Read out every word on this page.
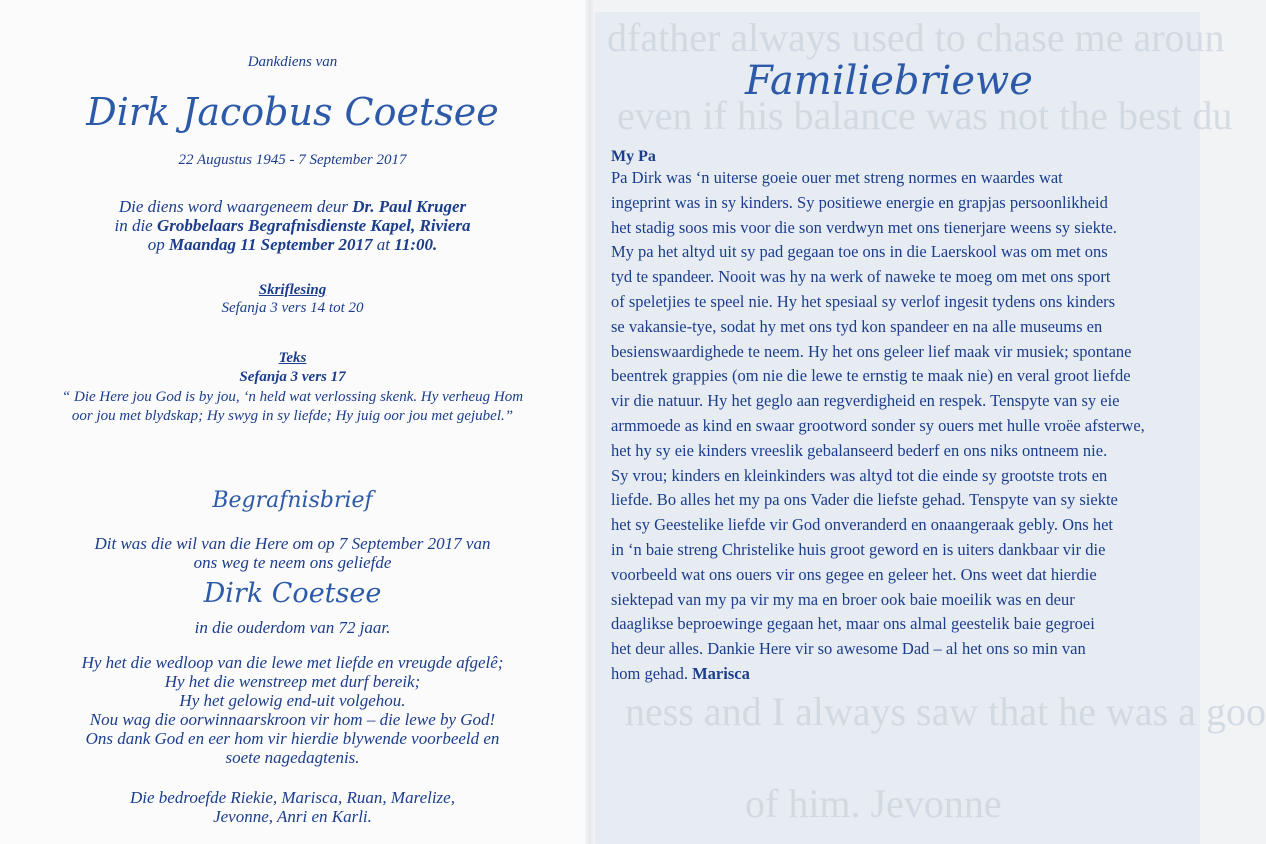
Dankdiens van
Dirk Jacobus Coetsee
22 Augustus 1945 - 7 September 2017
Die diens word waargeneem deur Dr. Paul Kruger
in die Grobbelaars Begrafnisdienste Kapel, Riviera
op Maandag 11 September 2017 at 11:00.
Skriflesing
Sefanja 3 vers 14 tot 20
Teks
Sefanja 3 vers 17
“ Die Here jou God is by jou, ‘n held wat verlossing skenk. Hy verheug Hom
oor jou met blydskap; Hy swyg in sy liefde; Hy juig oor jou met gejubel.”
Begrafnisbrief
Dit was die wil van die Here om op 7 September 2017 van
ons weg te neem ons geliefde
Dirk Coetsee
in die ouderdom van 72 jaar.
Hy het die wedloop van die lewe met liefde en vreugde afgelê;
Hy het die wenstreep met durf bereik;
Hy het gelowig end-uit volgehou.
Nou wag die oorwinnaarskroon vir hom – die lewe by God!
Ons dank God en eer hom vir hierdie blywende voorbeeld en
soete nagedagtenis.
Die bedroefde Riekie, Marisca, Ruan, Marelize,
Jevonne, Anri en Karli.
dfather always used to chase me aroun
even if his balance was not the best du
ness and I always saw that he was a goo
of him. Jevonne
Familiebriewe
My Pa
Pa Dirk was ‘n uiterse goeie ouer met streng normes en waardes wat
ingeprint was in sy kinders. Sy positiewe energie en grapjas persoonlikheid
het stadig soos mis voor die son verdwyn met ons tienerjare weens sy siekte.
My pa het altyd uit sy pad gegaan toe ons in die Laerskool was om met ons
tyd te spandeer. Nooit was hy na werk of naweke te moeg om met ons sport
of speletjies te speel nie. Hy het spesiaal sy verlof ingesit tydens ons kinders
se vakansie-tye, sodat hy met ons tyd kon spandeer en na alle museums en
besienswaardighede te neem. Hy het ons geleer lief maak vir musiek; spontane
beentrek grappies (om nie die lewe te ernstig te maak nie) en veral groot liefde
vir die natuur. Hy het geglo aan regverdigheid en respek. Tenspyte van sy eie
armmoede as kind en swaar grootword sonder sy ouers met hulle vroëe afsterwe,
het hy sy eie kinders vreeslik gebalanseerd bederf en ons niks ontneem nie.
Sy vrou; kinders en kleinkinders was altyd tot die einde sy grootste trots en
liefde. Bo alles het my pa ons Vader die liefste gehad. Tenspyte van sy siekte
het sy Geestelike liefde vir God onveranderd en onaangeraak gebly. Ons het
in ‘n baie streng Christelike huis groot geword en is uiters dankbaar vir die
voorbeeld wat ons ouers vir ons gegee en geleer het. Ons weet dat hierdie
siektepad van my pa vir my ma en broer ook baie moeilik was en deur
daaglikse beproewinge gegaan het, maar ons almal geestelik baie gegroei
het deur alles. Dankie Here vir so awesome Dad – al het ons so min van
hom gehad. Marisca
